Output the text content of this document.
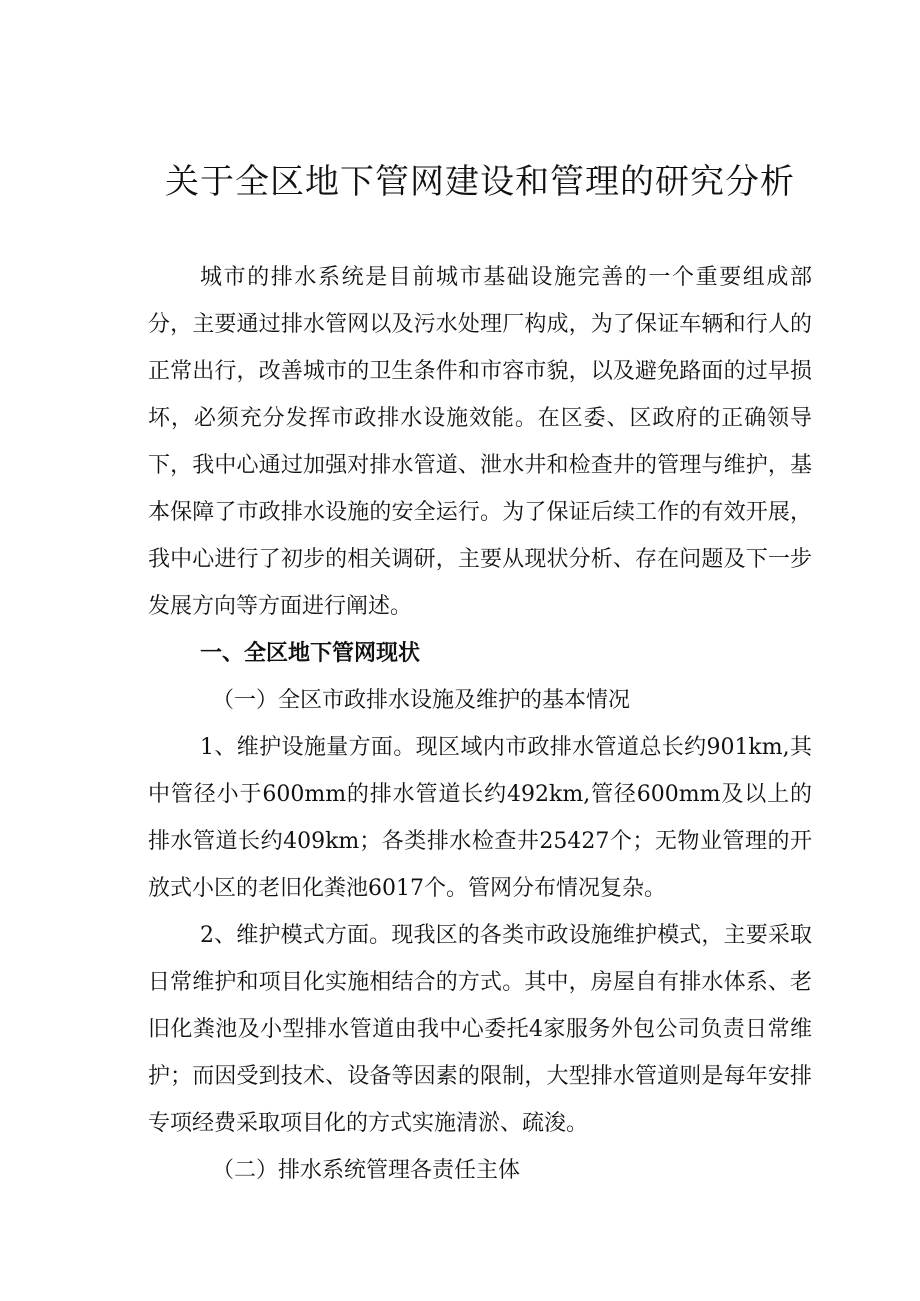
关于全区地下管网建设和管理的研究分析

城市的排水系统是目前城市基础设施完善的一个重要组成部分，主要通过排水管网以及污水处理厂构成，为了保证车辆和行人的正常出行，改善城市的卫生条件和市容市貌，以及避免路面的过早损坏，必须充分发挥市政排水设施效能。在区委、区政府的正确领导下，我中心通过加强对排水管道、泄水井和检查井的管理与维护，基本保障了市政排水设施的安全运行。为了保证后续工作的有效开展，我中心进行了初步的相关调研，主要从现状分析、存在问题及下一步发展方向等方面进行阐述。

一、全区地下管网现状

（一）全区市政排水设施及维护的基本情况

1、维护设施量方面。现区域内市政排水管道总长约901km,其中管径小于600mm的排水管道长约492km,管径600mm及以上的排水管道长约409km；各类排水检查井25427个；无物业管理的开放式小区的老旧化粪池6017个。管网分布情况复杂。

2、维护模式方面。现我区的各类市政设施维护模式，主要采取日常维护和项目化实施相结合的方式。其中，房屋自有排水体系、老旧化粪池及小型排水管道由我中心委托4家服务外包公司负责日常维护；而因受到技术、设备等因素的限制，大型排水管道则是每年安排专项经费采取项目化的方式实施清淤、疏浚。

（二）排水系统管理各责任主体
